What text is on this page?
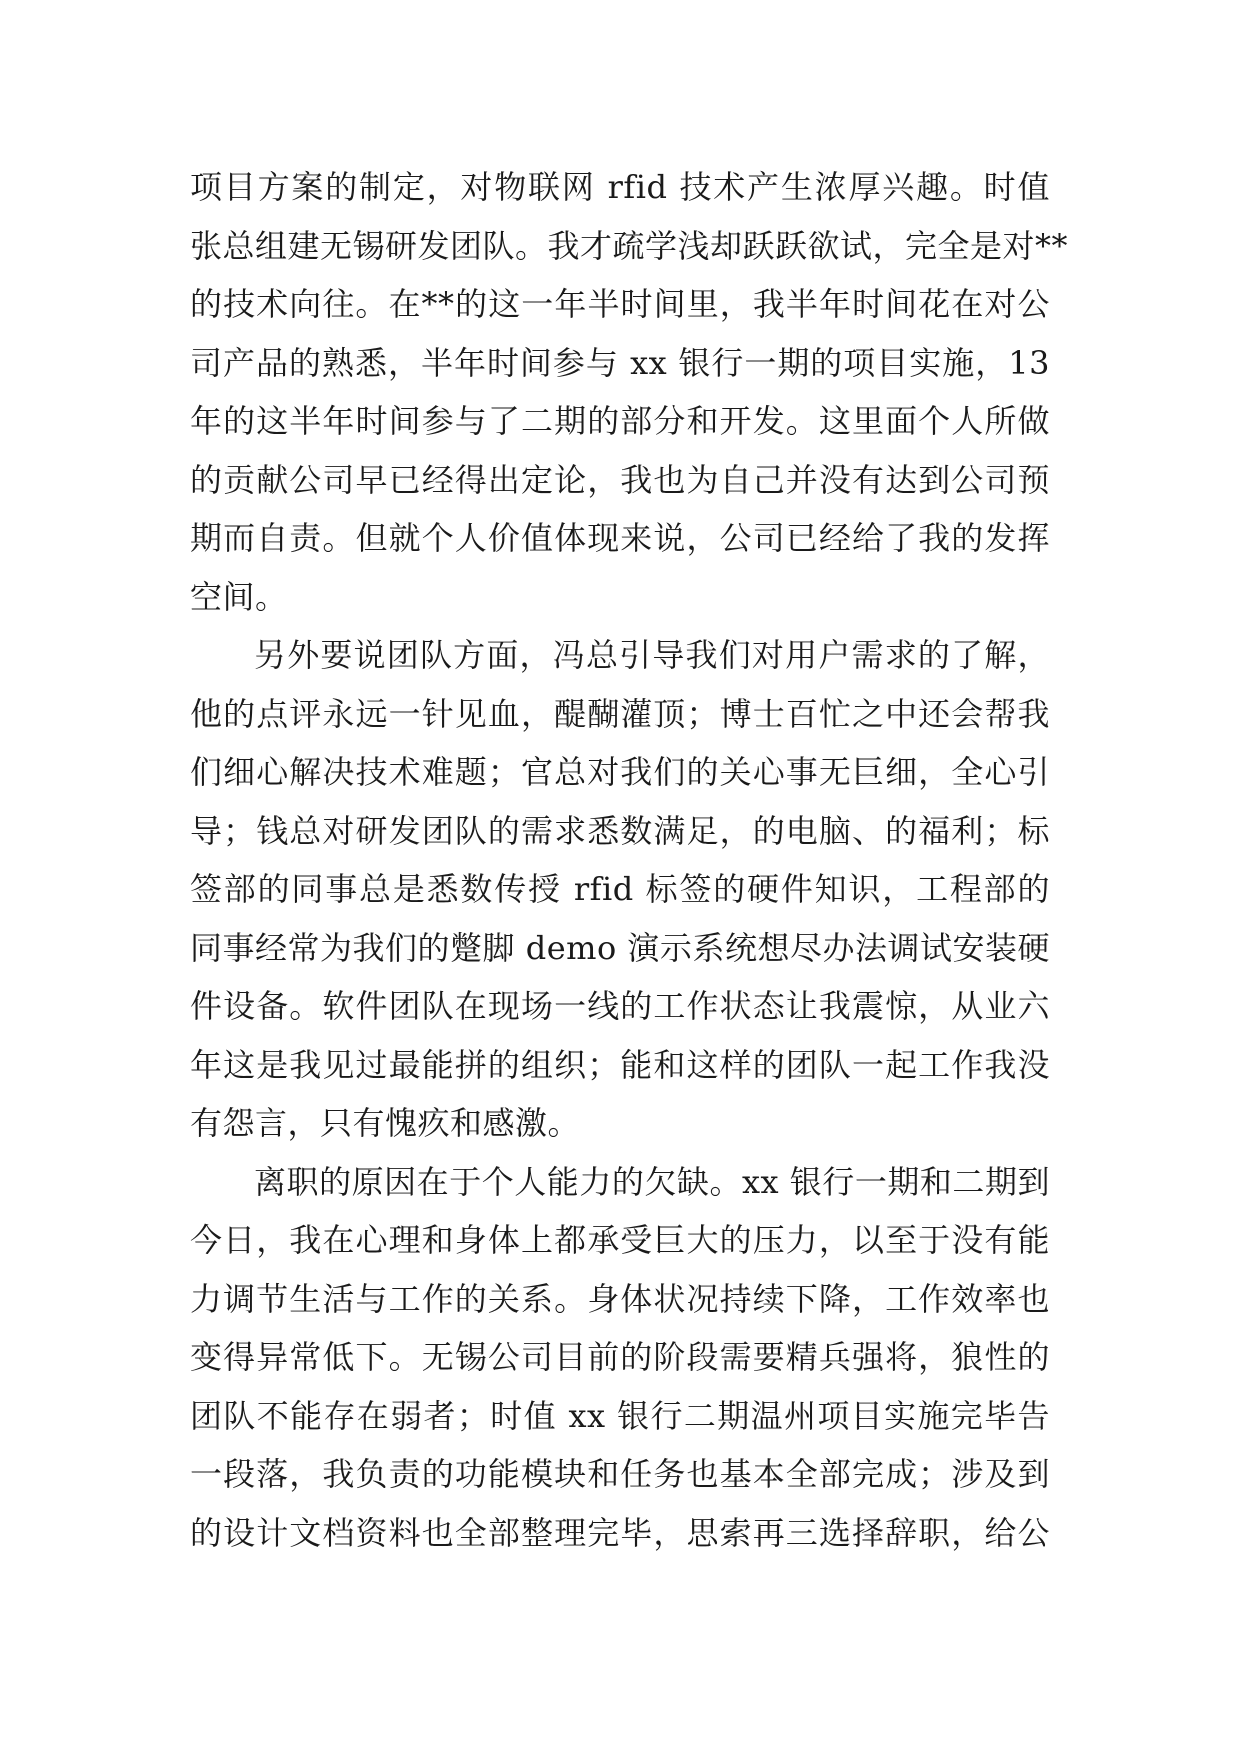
项目方案的制定，对物联网 rfid 技术产生浓厚兴趣。时值
张总组建无锡研发团队。我才疏学浅却跃跃欲试，完全是对**
的技术向往。在**的这一年半时间里，我半年时间花在对公
司产品的熟悉，半年时间参与 xx 银行一期的项目实施，13
年的这半年时间参与了二期的部分和开发。这里面个人所做
的贡献公司早已经得出定论，我也为自己并没有达到公司预
期而自责。但就个人价值体现来说，公司已经给了我的发挥
空间。
另外要说团队方面，冯总引导我们对用户需求的了解，
他的点评永远一针见血，醍醐灌顶；博士百忙之中还会帮我
们细心解决技术难题；官总对我们的关心事无巨细，全心引
导；钱总对研发团队的需求悉数满足，的电脑、的福利；标
签部的同事总是悉数传授 rfid 标签的硬件知识，工程部的
同事经常为我们的蹩脚 demo 演示系统想尽办法调试安装硬
件设备。软件团队在现场一线的工作状态让我震惊，从业六
年这是我见过最能拼的组织；能和这样的团队一起工作我没
有怨言，只有愧疚和感激。
离职的原因在于个人能力的欠缺。xx 银行一期和二期到
今日，我在心理和身体上都承受巨大的压力，以至于没有能
力调节生活与工作的关系。身体状况持续下降，工作效率也
变得异常低下。无锡公司目前的阶段需要精兵强将，狼性的
团队不能存在弱者；时值 xx 银行二期温州项目实施完毕告
一段落，我负责的功能模块和任务也基本全部完成；涉及到
的设计文档资料也全部整理完毕，思索再三选择辞职，给公
